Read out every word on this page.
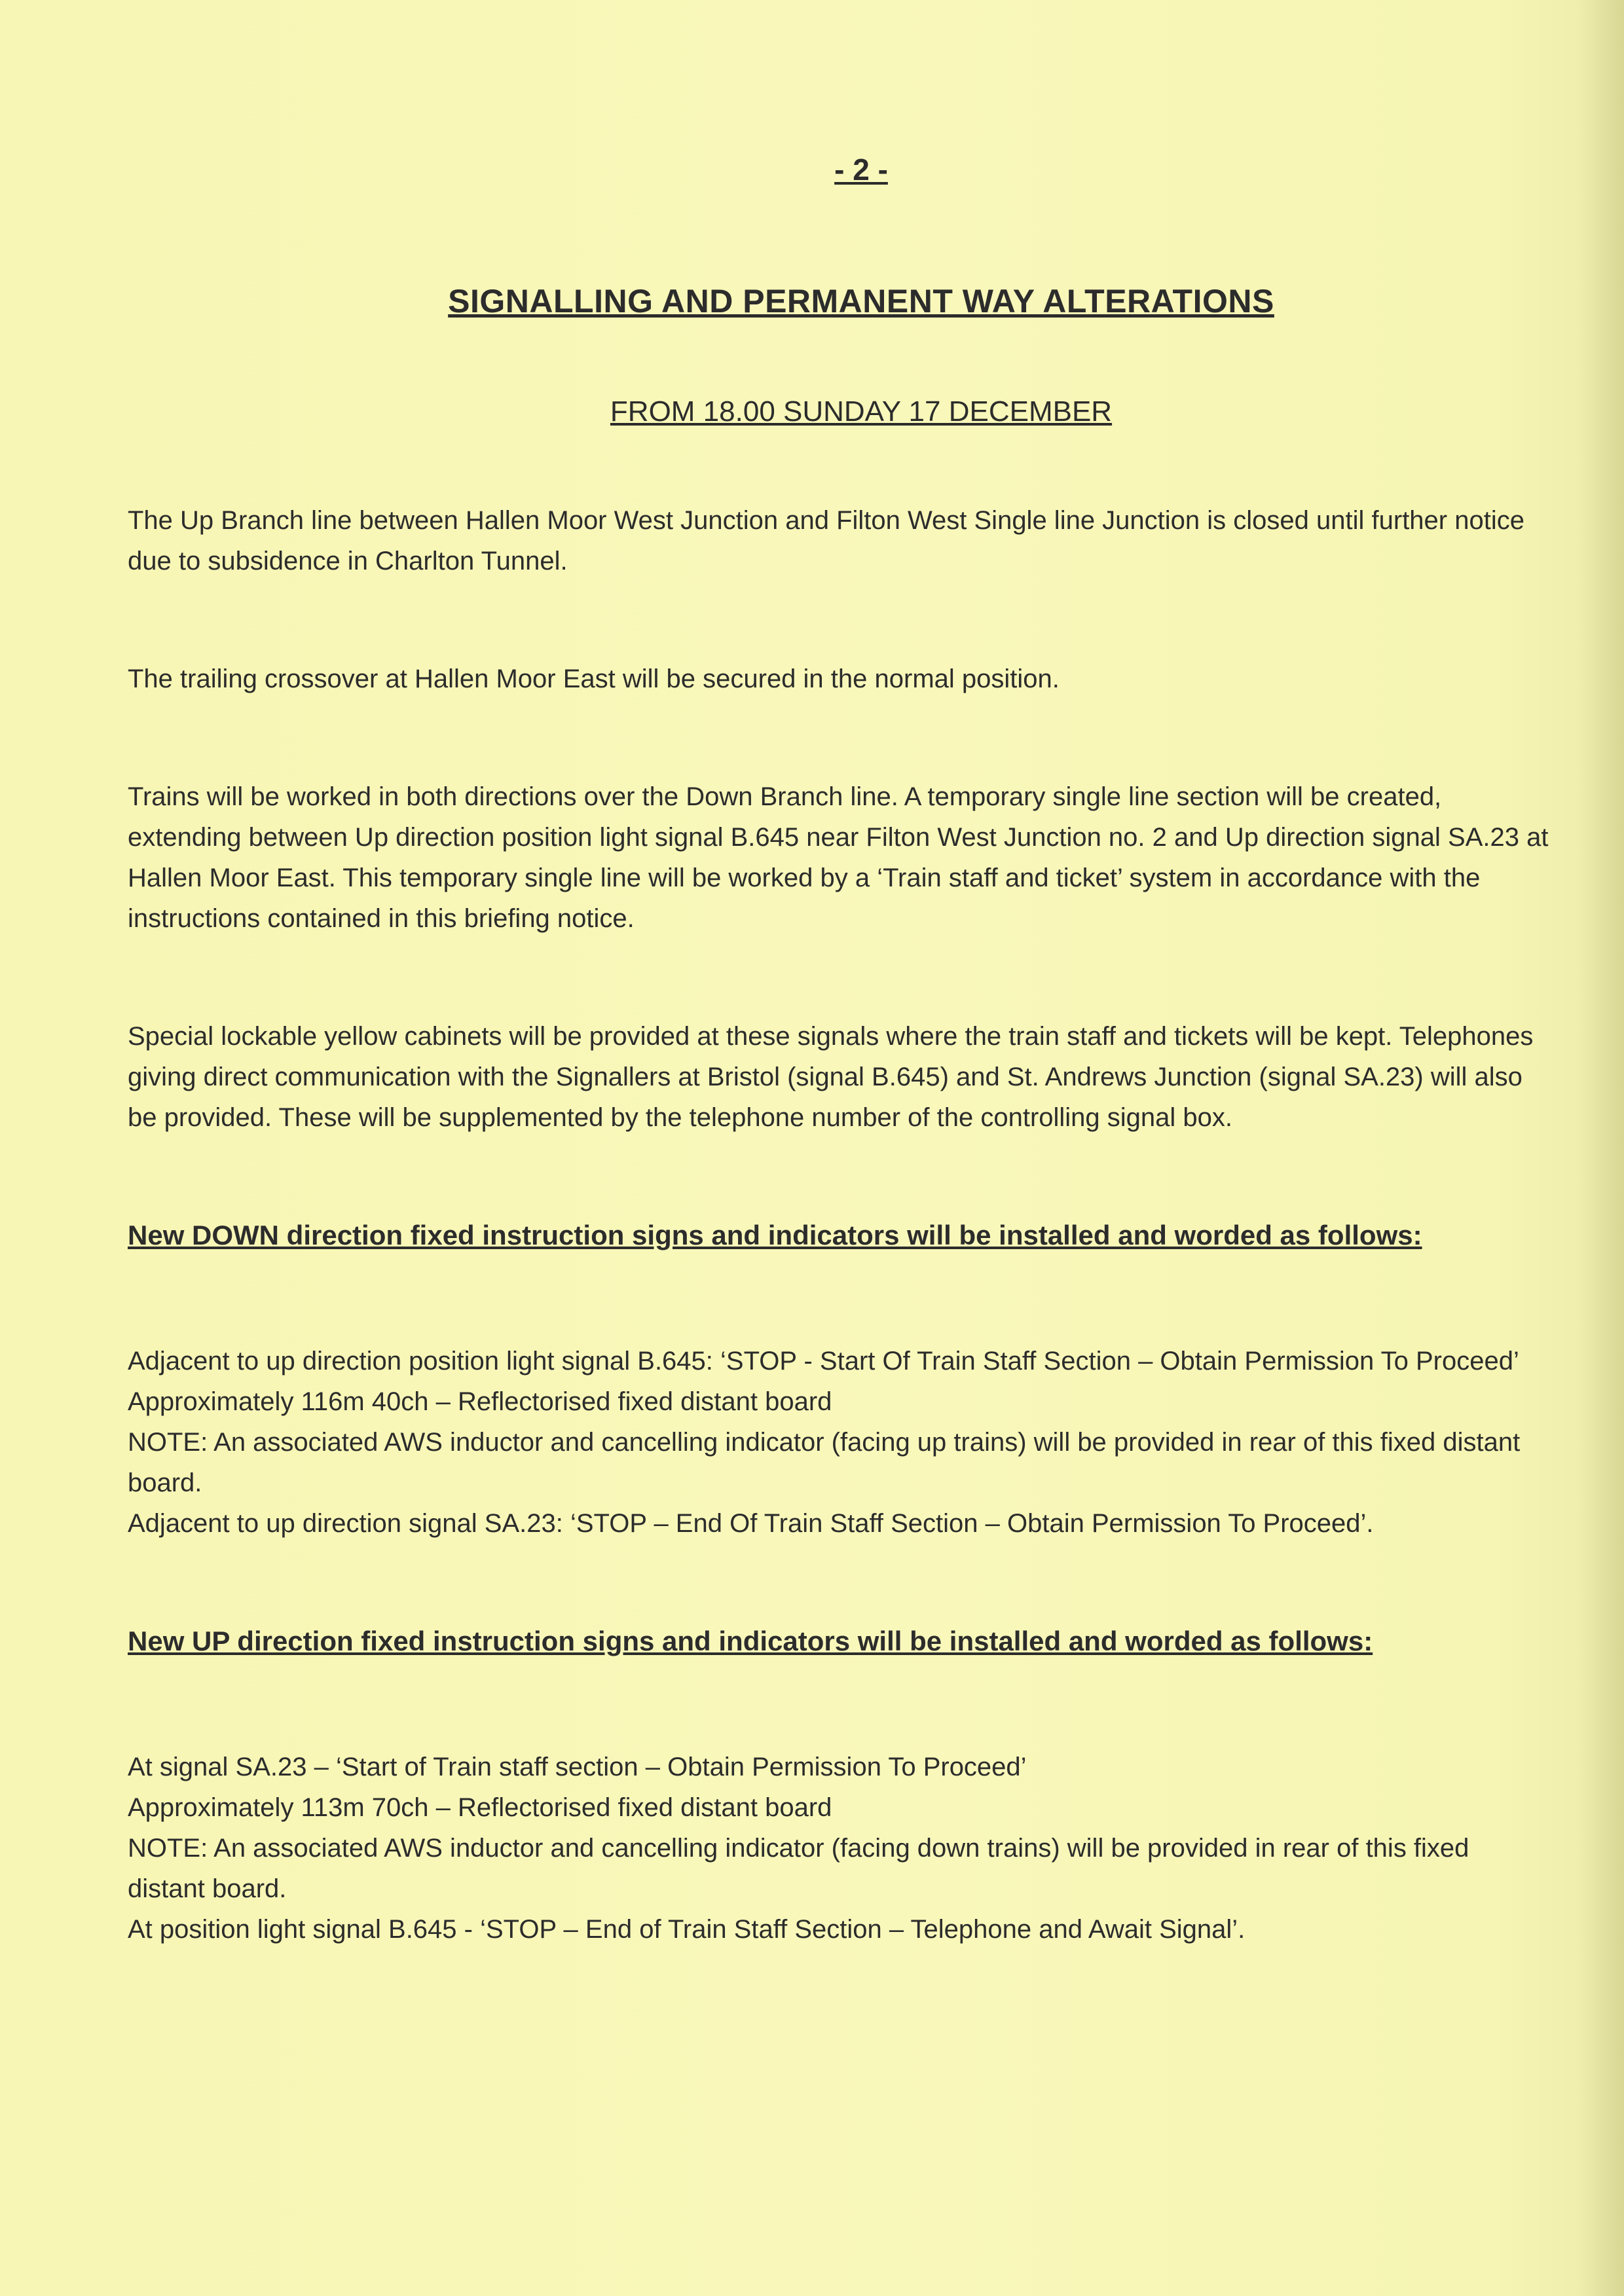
- 2 -
SIGNALLING AND PERMANENT WAY ALTERATIONS
FROM 18.00 SUNDAY 17 DECEMBER

The Up Branch line between Hallen Moor West Junction and Filton West Single line Junction is closed until further notice due to subsidence in Charlton Tunnel.

The trailing crossover at Hallen Moor East will be secured in the normal position.

Trains will be worked in both directions over the Down Branch line. A temporary single line section will be created, extending between Up direction position light signal B.645 near Filton West Junction no. 2 and Up direction signal SA.23 at Hallen Moor East. This temporary single line will be worked by a ‘Train staff and ticket’ system in accordance with the instructions contained in this briefing notice.

Special lockable yellow cabinets will be provided at these signals where the train staff and tickets will be kept. Telephones giving direct communication with the Signallers at Bristol (signal B.645) and St. Andrews Junction (signal SA.23) will also be provided. These will be supplemented by the telephone number of the controlling signal box.

New DOWN direction fixed instruction signs and indicators will be installed and worded as follows:
Adjacent to up direction position light signal B.645: ‘STOP - Start Of Train Staff Section – Obtain Permission To Proceed’
Approximately 116m 40ch – Reflectorised fixed distant board
NOTE: An associated AWS inductor and cancelling indicator (facing up trains) will be provided in rear of this fixed distant board.
Adjacent to up direction signal SA.23: ‘STOP – End Of Train Staff Section – Obtain Permission To Proceed’.
New UP direction fixed instruction signs and indicators will be installed and worded as follows:
At signal SA.23 – ‘Start of Train staff section – Obtain Permission To Proceed’
Approximately 113m 70ch – Reflectorised fixed distant board
NOTE: An associated AWS inductor and cancelling indicator (facing down trains) will be provided in rear of this fixed distant board.
At position light signal B.645 - ‘STOP – End of Train Staff Section – Telephone and Await Signal’.
